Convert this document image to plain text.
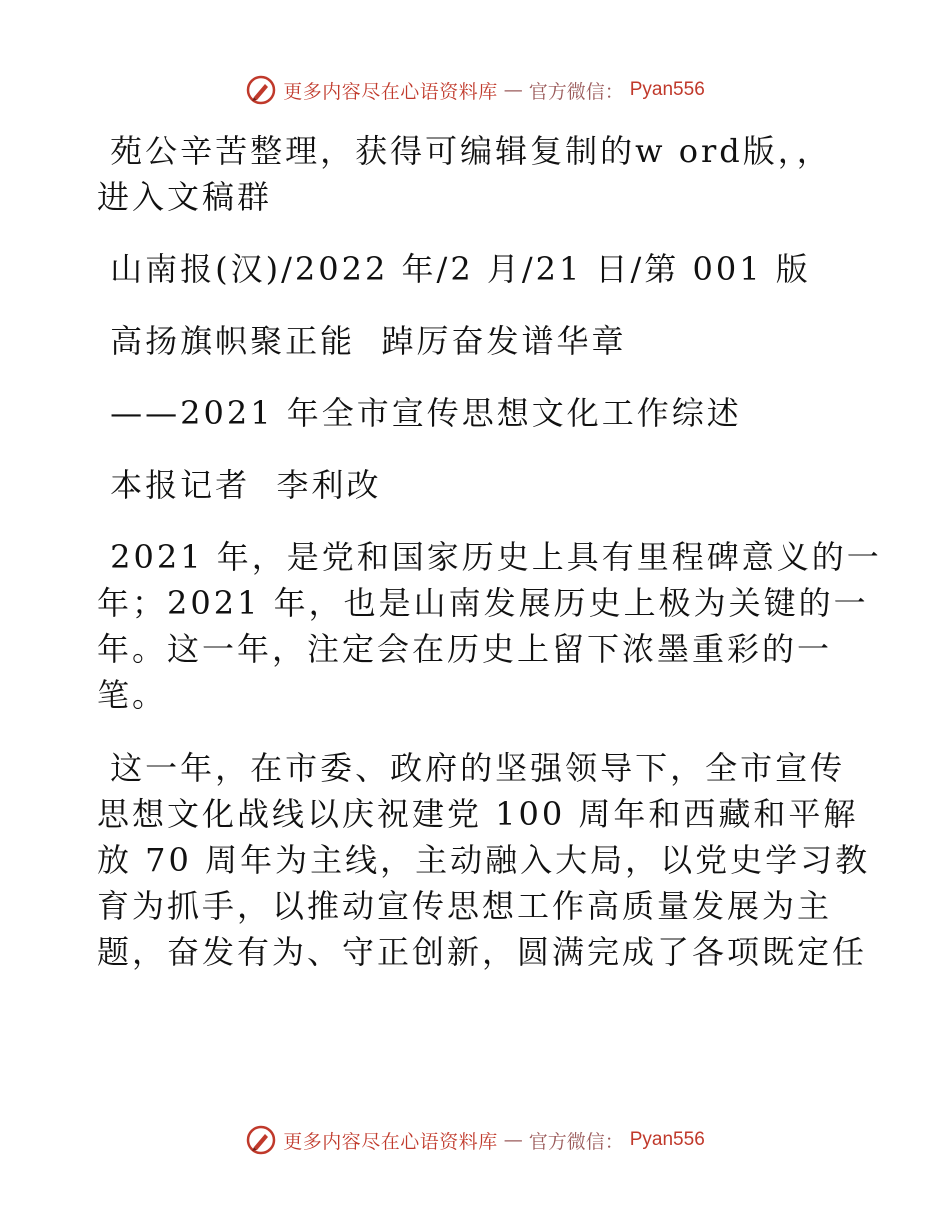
更多内容尽在心语资料库 — 官方微信： Pyan556
苑公辛苦整理，获得可编辑复制的w ord版，，
进入文稿群
山南报(汉)/2022 年/2 月/21 日/第 001 版
高扬旗帜聚正能  踔厉奋发谱华章
——2021 年全市宣传思想文化工作综述
本报记者  李利改
2021 年，是党和国家历史上具有里程碑意义的一
年；2021 年，也是山南发展历史上极为关键的一
年。这一年，注定会在历史上留下浓墨重彩的一
笔。
这一年，在市委、政府的坚强领导下，全市宣传
思想文化战线以庆祝建党 100 周年和西藏和平解
放 70 周年为主线，主动融入大局，以党史学习教
育为抓手，以推动宣传思想工作高质量发展为主
题，奋发有为、守正创新，圆满完成了各项既定任
更多内容尽在心语资料库 — 官方微信： Pyan556
